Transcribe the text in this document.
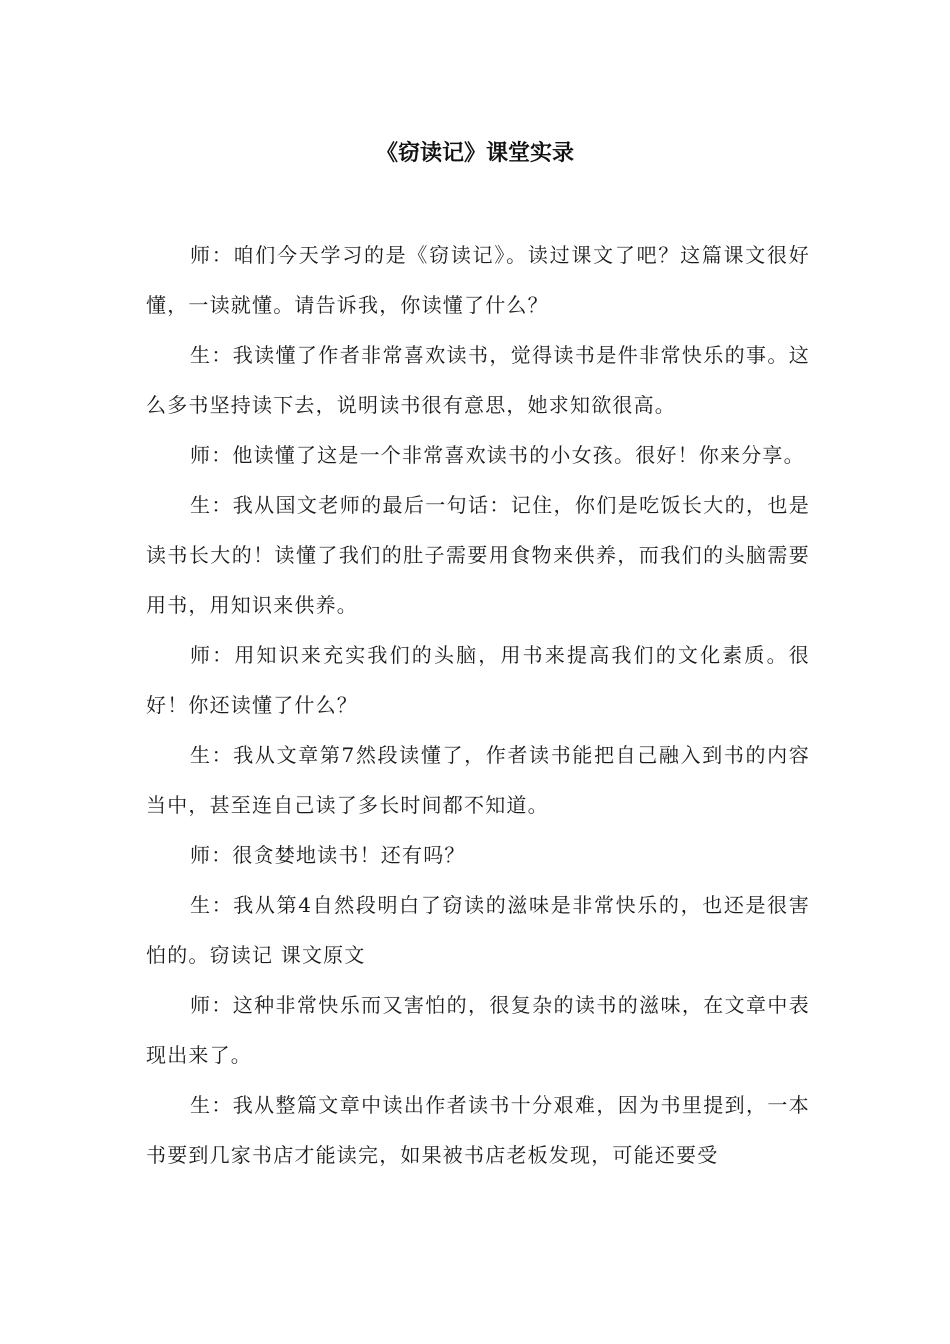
《窃读记》课堂实录

师：咱们今天学习的是《窃读记》。读过课文了吧？这篇课文很好懂，一读就懂。请告诉我，你读懂了什么？

生：我读懂了作者非常喜欢读书，觉得读书是件非常快乐的事。这么多书坚持读下去，说明读书很有意思，她求知欲很高。

师：他读懂了这是一个非常喜欢读书的小女孩。很好！你来分享。

生：我从国文老师的最后一句话：记住，你们是吃饭长大的，也是读书长大的！读懂了我们的肚子需要用食物来供养，而我们的头脑需要用书，用知识来供养。

师：用知识来充实我们的头脑，用书来提高我们的文化素质。很好！你还读懂了什么？

生：我从文章第7然段读懂了，作者读书能把自己融入到书的内容当中，甚至连自己读了多长时间都不知道。

师：很贪婪地读书！还有吗？

生：我从第4自然段明白了窃读的滋味是非常快乐的，也还是很害怕的。窃读记 课文原文

师：这种非常快乐而又害怕的，很复杂的读书的滋味，在文章中表现出来了。

生：我从整篇文章中读出作者读书十分艰难，因为书里提到，一本书要到几家书店才能读完，如果被书店老板发现，可能还要受
